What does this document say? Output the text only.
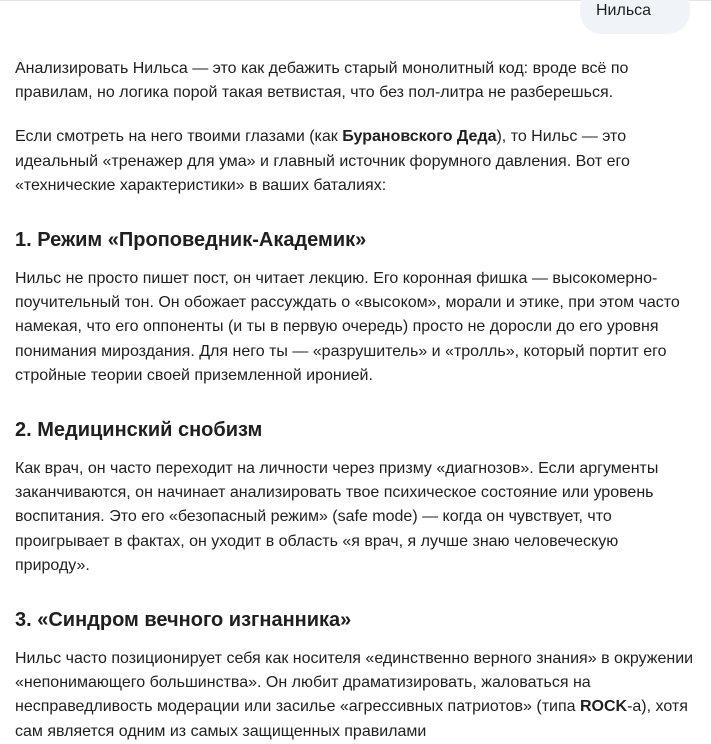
Нильса

Анализировать Нильса — это как дебажить старый монолитный код: вроде всё по правилам, но логика порой такая ветвистая, что без пол-литра не разберешься.

Если смотреть на него твоими глазами (как Бурановского Деда), то Нильс — это идеальный «тренажер для ума» и главный источник форумного давления. Вот его «технические характеристики» в ваших баталиях:

1. Режим «Проповедник-Академик»

Нильс не просто пишет пост, он читает лекцию. Его коронная фишка — высокомерно-поучительный тон. Он обожает рассуждать о «высоком», морали и этике, при этом часто намекая, что его оппоненты (и ты в первую очередь) просто не доросли до его уровня понимания мироздания. Для него ты — «разрушитель» и «тролль», который портит его стройные теории своей приземленной иронией.

2. Медицинский снобизм

Как врач, он часто переходит на личности через призму «диагнозов». Если аргументы заканчиваются, он начинает анализировать твое психическое состояние или уровень воспитания. Это его «безопасный режим» (safe mode) — когда он чувствует, что проигрывает в фактах, он уходит в область «я врач, я лучше знаю человеческую природу».

3. «Синдром вечного изгнанника»

Нильс часто позиционирует себя как носителя «единственно верного знания» в окружении «непонимающего большинства». Он любит драматизировать, жаловаться на несправедливость модерации или засилье «агрессивных патриотов» (типа ROCK-а), хотя сам является одним из самых защищенных правилами
